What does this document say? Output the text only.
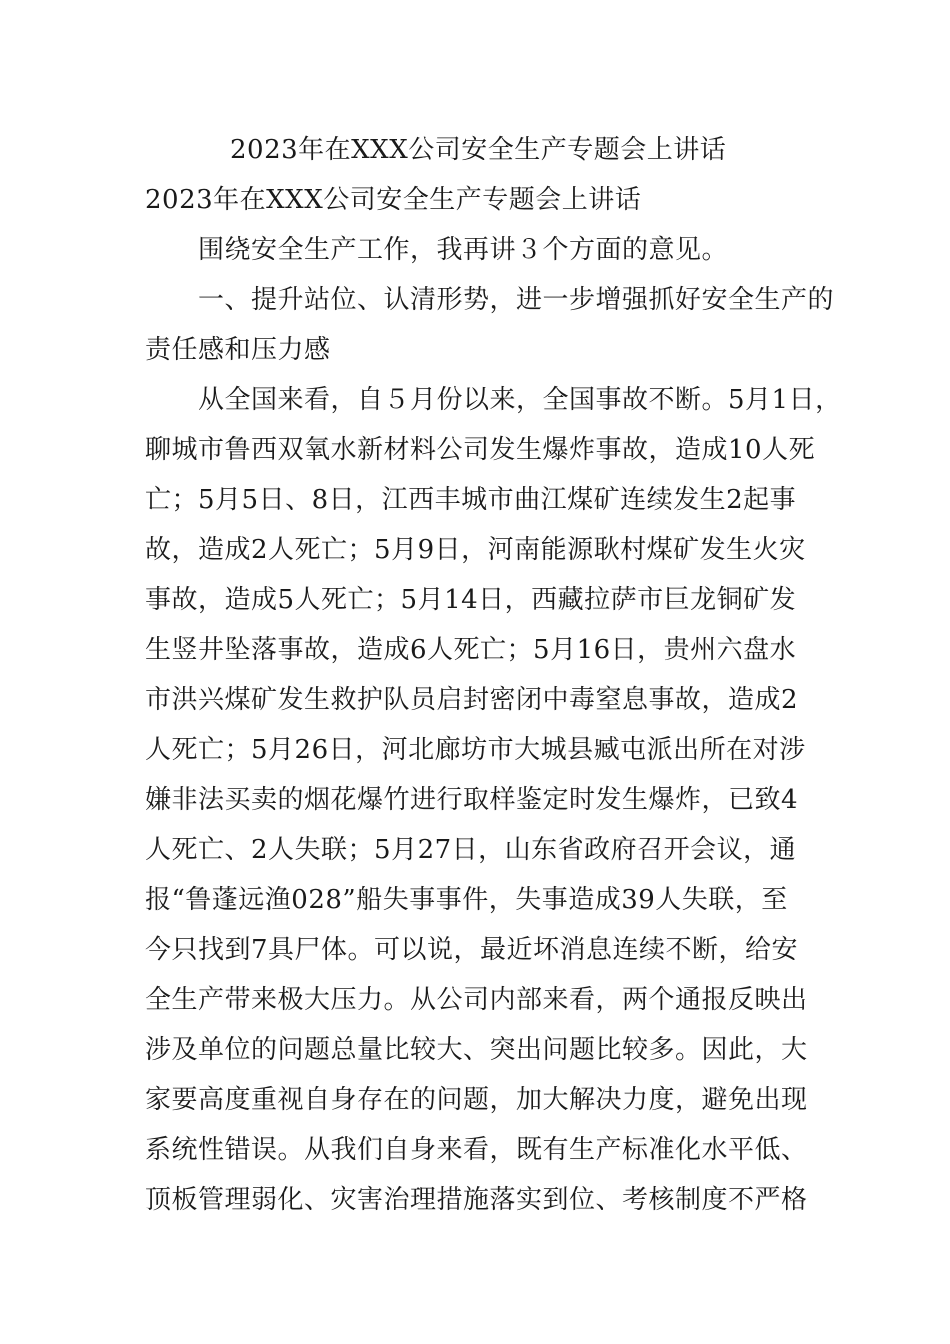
2023年在XXX公司安全生产专题会上讲话
2023年在XXX公司安全生产专题会上讲话
　　围绕安全生产工作，我再讲３个方面的意见。
　　一、提升站位、认清形势，进一步增强抓好安全生产的
责任感和压力感
　　从全国来看，自５月份以来，全国事故不断。5月1日，
聊城市鲁西双氧水新材料公司发生爆炸事故，造成10人死
亡；5月5日、8日，江西丰城市曲江煤矿连续发生2起事
故，造成2人死亡；5月9日，河南能源耿村煤矿发生火灾
事故，造成5人死亡；5月14日，西藏拉萨市巨龙铜矿发
生竖井坠落事故，造成6人死亡；5月16日，贵州六盘水
市洪兴煤矿发生救护队员启封密闭中毒窒息事故，造成2
人死亡；5月26日，河北廊坊市大城县臧屯派出所在对涉
嫌非法买卖的烟花爆竹进行取样鉴定时发生爆炸，已致4
人死亡、2人失联；5月27日，山东省政府召开会议，通
报“鲁蓬远渔028”船失事事件，失事造成39人失联，至
今只找到7具尸体。可以说，最近坏消息连续不断，给安
全生产带来极大压力。从公司内部来看，两个通报反映出
涉及单位的问题总量比较大、突出问题比较多。因此，大
家要高度重视自身存在的问题，加大解决力度，避免出现
系统性错误。从我们自身来看，既有生产标准化水平低、
顶板管理弱化、灾害治理措施落实到位、考核制度不严格
